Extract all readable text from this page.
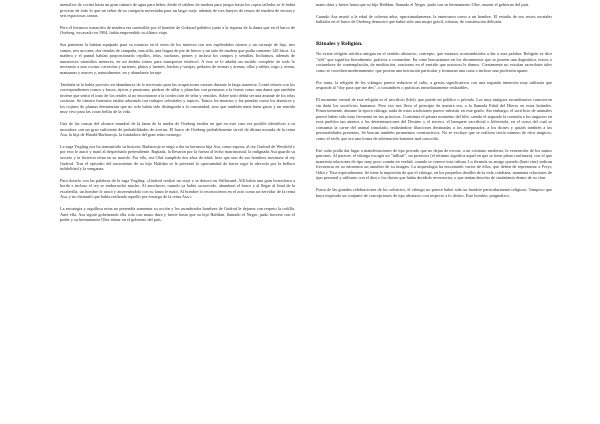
utensilios de cocina hasta un gran cántaro de agua para beber, desde el tablero de madera para juegos hasta los copos tallados se le había provisto de todo lo que un señor de su categoría necesitaba para un largo viaje, además de tres bueyes de remos de madera de encina y seis espaciosas camas.

Pero el hermoso mausoleo de madera era ostensible por el hombre de Gokstad palidece junto a la riqueza de la dama que en el barco de Oseberg, excavado en 1904, había emprendido su último viaje.

Sus parientes la habían equipado para su estancia en el reino de los muertos con tres espléndidos trineos y un carruaje de lujo, tres camas, tres arcones, dos tiendas de campaña, una silla, una fragua de pie de hierro y un sitio de madera que podía contener 120 litros. La madera y el puntal habían proporcionado cepillos, telas, cucharas, peines y incluso los campos y semillas. Incluimos, además de numerosos utensilios menores, en un ámbito trineo para transportar estiércol. A esto se le añadía un surtido completo de todo lo necesario a una cocina: cacerolas y sartenes, platos y fuentes, hachas y vasijas, pedazos de avenas y arenas, ollas y tablas, trigo y avena, manzanas y nueces y, naturalmente, en y abundante forraje.

También se la había provisto en abundancia de lo necesario para las ocupaciones caseras durante la larga ausencia. Contó telares con los correspondientes tornos y husos, tijeras y punzones; piedras de afilar y planchas con prensaras a la forma como una dama que también tuviese que sentir el trato de los retales al no encontrarse a la confección de telas y vestidos. Sobre todo debía ser una amante de los telas costosas. Se cámara funeraria estaba adornada con trabajos celestiales y tapices. Tantos los muertos y las prendas como los abanicos y los cojines de plumas demuestran que no solo había sido distinguida a la comunidad, sino que también tenía buen gusto y un sentido muy vivo para las cosas bellas de la vida.

Una de las causas del alcance mundial de la fama de la tumba de Oseberg estriba en que en este caso era posible identificar a su moradora con un grao suficiente de probabilidades de acertar. El barco de Oseberg probablemente sirvió de última morada de la reina Asa, la hija de Harald Barbarroja, la fundadora del gran reino noruego.

La saga Yngling nos ha transmitido su historia. Barbarroja se negó a dar su hermosa hija Asa, como esposa, al rey Gudrod de Westfold y por esto le atacó y mató al despechado pretendiente. Raptada, la llevaron por la fuerza al lecho matrimonial; la indignada Asa guardó su secreto y la hicieron reina en su marido. Por ello, sea Olaf cumplido dos años de edad, hizo que uno de sus hombres asesinase al rey Gudrod. Tras el episodio del nacimiento de su hijo Halfdan se le presentó la oportunidad de hacer regir la alevosía por la bellaca infidelidad y la venganza.

Para dotarlo con las palabras de la saga Yngling: «Gudrod realizó un viaje y se detuvo en Stiflusund. Allí había una gran borrachera a bordo e incluso el rey se emborrachó mucho. Al anochecer, cuando ya había oscurecido, abandonó el barco y al llegar al final de la escalerilla, un hombre le atacó y atravesándolo con su lanza le mató. Al hombre lo reconocieron en el acto como un servidor de la reina Asa, y no disimuló que había realizado aquello por encargo de la reina Asa.»

La estrategia y orgullosa reina no pretendía aumentar su acción y los asombrados hombres de Gudrod le dejaron con respeto la codilla. Ante ella, Asa siguió gobernando ella sola con mano dura y fuerte hasta que su hijo Halfdan, llamado el Negro, pudo hacerse con el poder y su hermanastro Olav reinar en el gobierno del país.

mano dura y fuerte hasta que su hijo Halfdan, llamado el Negro, pudo con su hermanastro Olav, asumir el gobierno del país.

Cuando Asa murió a la edad de ochenta años, aproximadamente, la enterraron como a un hombre. El estudio de sus restos mortales hallados en el barco de Oseberg demostró que había sido una mujer grácil, robusta, de constitución delicada.

Rituales y Religión.

No existe religión nórdica antigua en el sentido abstracto, concepto, que estamos acostumbrados a dar a esta palabra. Religión es dice "siðr" que significa literalmente, práctica o costumbre. En vano buscaríamos en los documentos que se poseen una dogmática, textos o costumbres de contemplación, de meditación, oraciones en el sentido que nosotros le damos. Ciertamente no existían sacerdotes tales como se conciben modernamente, que posean una iniciación particular y formaran una casta o incluso una profesión aparte.

Por tanto, la religión de los vikingos parece reducirse al culto, a gestos significativos con una segunda intención muy utilitaria que responde al "doy para que me des", a costumbres o prácticas inmediatamente realizables.

El momento central de esta religión es el sacrificio (blót), que puede ser público o privado. Los muy antiguos escandinavos conocieron sin duda los sacrificios humanos. Pero eso nos lleva al principio de nuestra era, a la llamada Edad del Hierro en estas latitudes. Posteriormente, durante la época vikinga, nada de estas tradiciones parece subsistir en este grado. Sin embargo, el sacrificio de animales parece haber sido muy frecuente en sus prácticas. Constituía el primer momento del blót, siendo el segundo la consulta a los augurios en esos pueblos tan atentos a las determinaciones del Destino y el tercero, el banquete sacrificial o blótveizla, en el curso del cual se consumía la carne del animal inmolado, realizándose libaciones destinadas a los antepasados, a los dioses y quizás también a las personalidades presentes. Se buscan también juramentos constructivos. No se excluye que se realicen cierto número de ritos mágicos, como el seiðr, que era una forma de adivinación bastante mal conocida.

Ese culto podía dar lugar a manifestaciones de tipo privado que no dejan de evocar, a un cristiano moderno, la veneración de los santos patronos. Al parecer, el vikingo escogía un "fulltrúi", un protector (el término significa aquel en que se tiene plena confianza), con el que mantenía relaciones de tipo muy poco común en verdad, cuando se conoce esta cultura. La fórmula su amigo querido (kæri vinr) indican frecuencia en su encuentra un amuleto de su imagen. La arqueología ha encontrado varios de ellos, que deben de representar a Freyr, Odín y Thor especialmente. Se tiene la impresión de que el vikingo, en los pequeños detalles de la vida cotidiana, mantenía relaciones de tipo personal y utilitario con el dios o los dioses que había decidido reverenciar, o que tenían derecho de ciudadanía dentro de su clan.

Fuera de las grandes celebraciones de los solsticios, el vikingo no parece haber sido un hombre particularmente religioso. Tampoco que haya inspirado un conjunto de concepciones de tipo abstracto con respecto a lo divino. Este hombre, pragmático,
